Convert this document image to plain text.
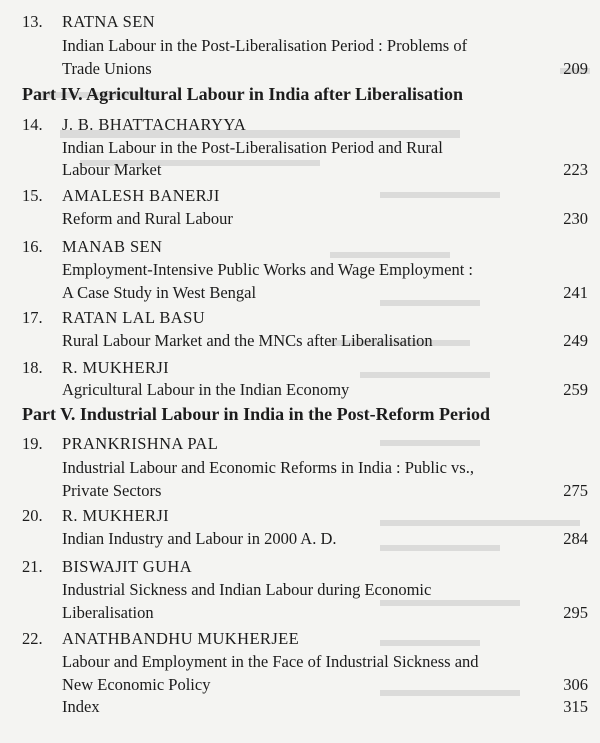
13.	RATNA SEN
Indian Labour in the Post-Liberalisation Period : Problems of
Trade Unions	209
Part IV. Agricultural Labour in India after Liberalisation
14.	J. B. BHATTACHARYYA
Indian Labour in the Post-Liberalisation Period and Rural
Labour Market	223
15.	AMALESH BANERJI
Reform and Rural Labour	230
16.	MANAB SEN
Employment-Intensive Public Works and Wage Employment :
A Case Study in West Bengal	241
17.	RATAN LAL BASU
Rural Labour Market and the MNCs after Liberalisation	249
18.	R. MUKHERJI
Agricultural Labour in the Indian Economy	259
Part V. Industrial Labour in India in the Post-Reform Period
19.	PRANKRISHNA PAL
Industrial Labour and Economic Reforms in India : Public vs.,
Private Sectors	275
20.	R. MUKHERJI
Indian Industry and Labour in 2000 A. D.	284
21.	BISWAJIT GUHA
Industrial Sickness and Indian Labour during Economic
Liberalisation	295
22.	ANATHBANDHU MUKHERJEE
Labour and Employment in the Face of Industrial Sickness and
New Economic Policy	306
Index	315
